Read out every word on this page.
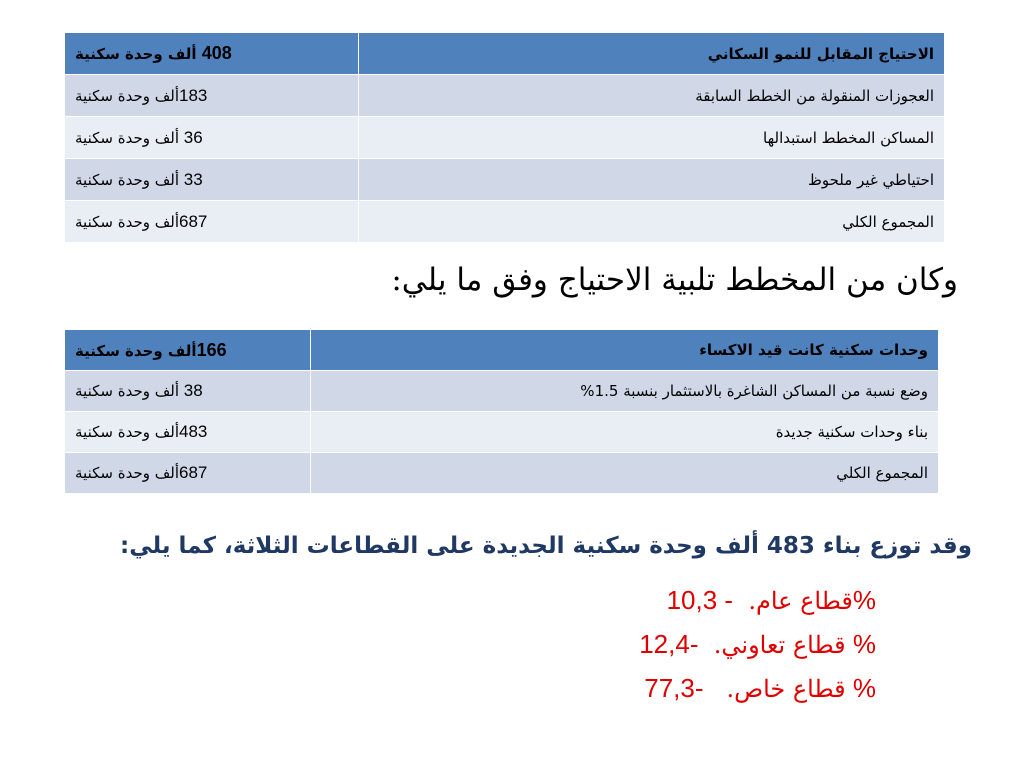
الاحتياج المقابل للنمو السكاني	408 ألف وحدة سكنية
العجوزات المنقولة من الخطط السابقة	183ألف وحدة سكنية
المساكن المخطط استبدالها	36 ألف وحدة سكنية
احتياطي غير ملحوظ	33 ألف وحدة سكنية
المجموع الكلي	687ألف وحدة سكنية
وكان من المخطط تلبية الاحتياج وفق ما يلي:
وحدات سكنية كانت قيد الاكساء	166ألف وحدة سكنية
وضع نسبة من المساكن الشاغرة بالاستثمار بنسبة 1.5%	38 ألف وحدة سكنية
بناء وحدات سكنية جديدة	483ألف وحدة سكنية
المجموع الكلي	687ألف وحدة سكنية
وقد توزع بناء 483 ألف وحدة سكنية الجديدة على القطاعات الثلاثة، كما يلي:
قطاع عام.  - 10,3%
قطاع تعاوني.  -12,4 %
قطاع خاص.   -77,3 %
